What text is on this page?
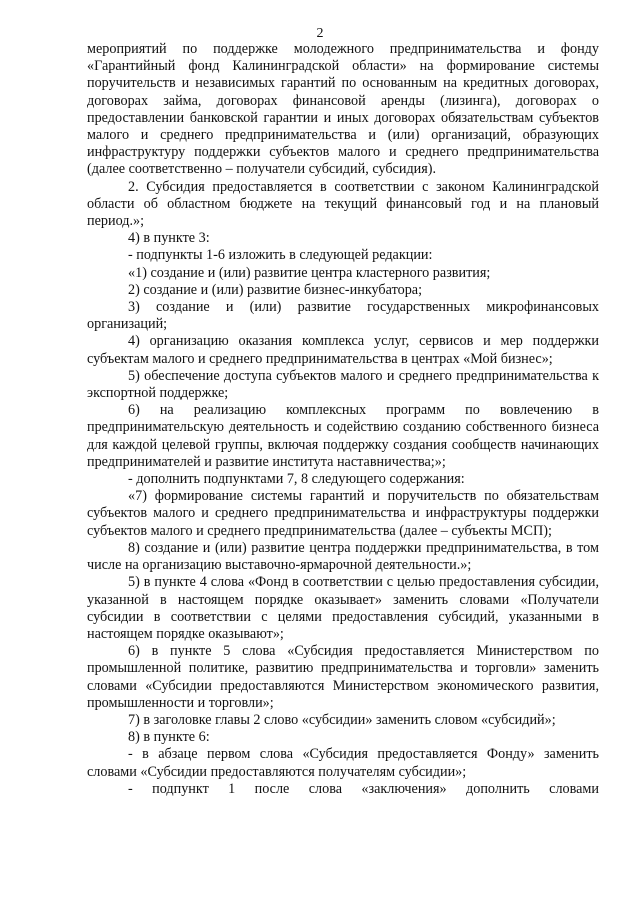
2

мероприятий по поддержке молодежного предпринимательства и фонду «Гарантийный фонд Калининградской области» на формирование системы поручительств и независимых гарантий по основанным на кредитных договорах, договорах займа, договорах финансовой аренды (лизинга), договорах о предоставлении банковской гарантии и иных договорах обязательствам субъектов малого и среднего предпринимательства и (или) организаций, образующих инфраструктуру поддержки субъектов малого и среднего предпринимательства (далее соответственно – получатели субсидий, субсидия).

2. Субсидия предоставляется в соответствии с законом Калининградской области об областном бюджете на текущий финансовый год и на плановый период.»;

4) в пункте 3:

- подпункты 1-6 изложить в следующей редакции:

«1) создание и (или) развитие центра кластерного развития;

2) создание и (или) развитие бизнес-инкубатора;

3) создание и (или) развитие государственных микрофинансовых организаций;

4) организацию оказания комплекса услуг, сервисов и мер поддержки субъектам малого и среднего предпринимательства в центрах «Мой бизнес»;

5) обеспечение доступа субъектов малого и среднего предпринимательства к экспортной поддержке;

6) на реализацию комплексных программ по вовлечению в предпринимательскую деятельность и содействию созданию собственного бизнеса для каждой целевой группы, включая поддержку создания сообществ начинающих предпринимателей и развитие института наставничества;»;

- дополнить подпунктами 7, 8 следующего содержания:

«7) формирование системы гарантий и поручительств по обязательствам субъектов малого и среднего предпринимательства и инфраструктуры поддержки субъектов малого и среднего предпринимательства (далее – субъекты МСП);

8) создание и (или) развитие центра поддержки предпринимательства, в том числе на организацию выставочно-ярмарочной деятельности.»;

5) в пункте 4 слова «Фонд в соответствии с целью предоставления субсидии, указанной в настоящем порядке оказывает» заменить словами «Получатели субсидии в соответствии с целями предоставления субсидий, указанными в настоящем порядке оказывают»;

6) в пункте 5 слова «Субсидия предоставляется Министерством по промышленной политике, развитию предпринимательства и торговли» заменить словами «Субсидии предоставляются Министерством экономического развития, промышленности и торговли»;

7) в заголовке главы 2 слово «субсидии» заменить словом «субсидий»;

8) в пункте 6:

- в абзаце первом слова «Субсидия предоставляется Фонду» заменить словами «Субсидии предоставляются получателям субсидии»;

- подпункт 1 после слова «заключения» дополнить словами
